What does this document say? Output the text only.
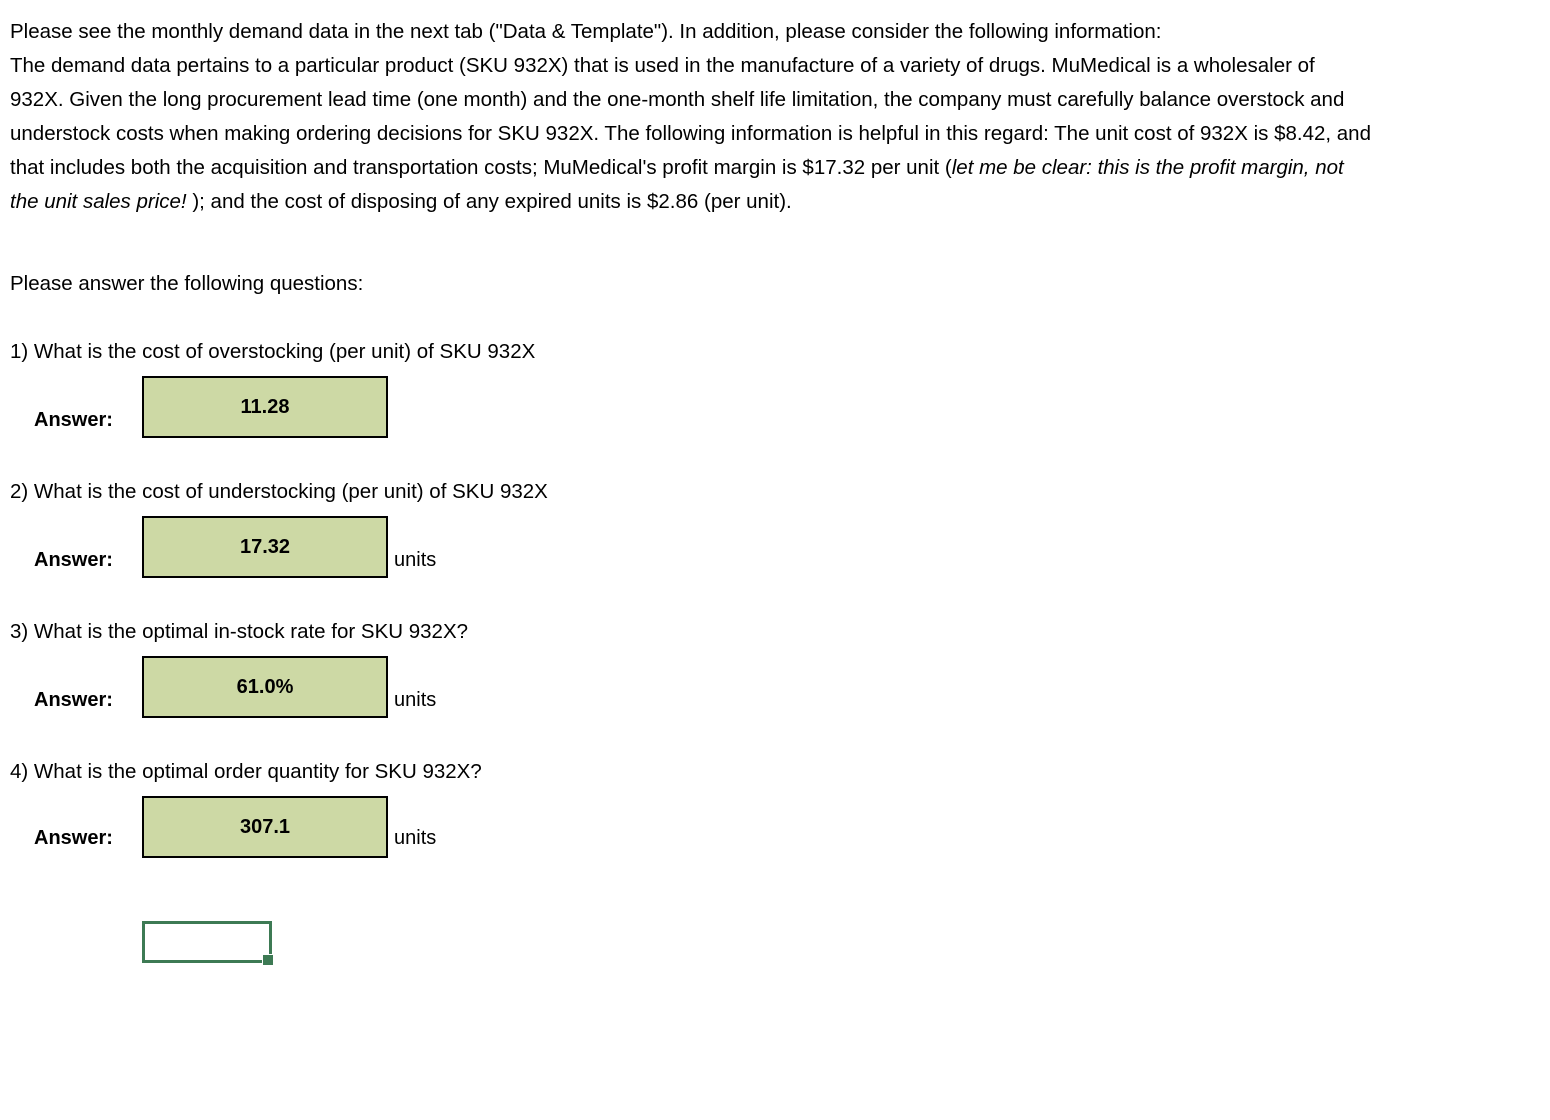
Please see the monthly demand data in the next tab ("Data & Template"). In addition, please consider the following information:
The demand data pertains to a particular product (SKU 932X) that is used in the manufacture of a variety of drugs. MuMedical is a wholesaler of
932X. Given the long procurement lead time (one month) and the one-month shelf life limitation, the company must carefully balance overstock and
understock costs when making ordering decisions for SKU 932X. The following information is helpful in this regard: The unit cost of 932X is $8.42, and
that includes both the acquisition and transportation costs; MuMedical's profit margin is $17.32 per unit (let me be clear: this is the profit margin, not
the unit sales price! ); and the cost of disposing of any expired units is $2.86 (per unit).
Please answer the following questions:
1) What is the cost of overstocking (per unit) of SKU 932X
Answer:
11.28
2) What is the cost of understocking (per unit) of SKU 932X
Answer:
17.32
units
3) What is the optimal in-stock rate for SKU 932X?
Answer:
61.0%
units
4) What is the optimal order quantity for SKU 932X?
Answer:	307.1	units
